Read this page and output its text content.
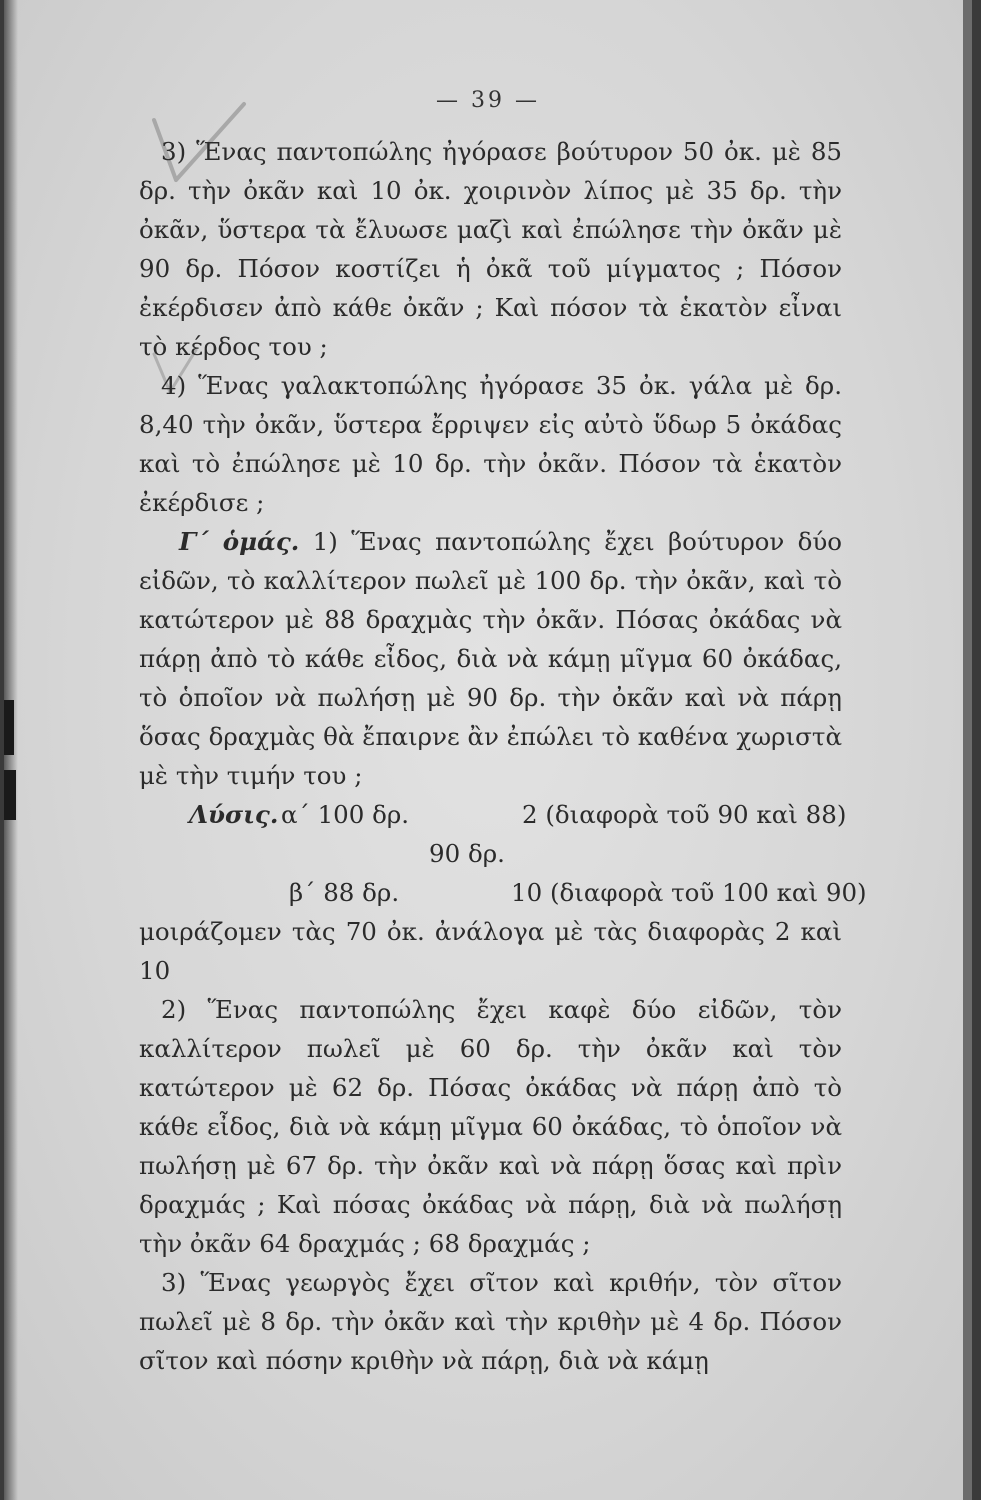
— 39 —

3) Ἕνας παντοπώλης ἠγόρασε βούτυρον 50 ὀκ. μὲ 85 δρ. τὴν ὀκᾶν καὶ 10 ὀκ. χοιρινὸν λίπος μὲ 35 δρ. τὴν ὀκᾶν, ὕστερα τὰ ἔλυωσε μαζὶ καὶ ἐπώλησε τὴν ὀκᾶν μὲ 90 δρ. Πόσον κοστίζει ἡ ὀκᾶ τοῦ μίγματος ; Πόσον ἐκέρδισεν ἀπὸ κάθε ὀκᾶν ; Καὶ πόσον τὰ ἑκατὸν εἶναι τὸ κέρδος του ;

4) Ἕνας γαλακτοπώλης ἠγόρασε 35 ὀκ. γάλα μὲ δρ. 8,40 τὴν ὀκᾶν, ὕστερα ἔρριψεν εἰς αὐτὸ ὕδωρ 5 ὀκάδας καὶ τὸ ἐπώλησε μὲ 10 δρ. τὴν ὀκᾶν. Πόσον τὰ ἑκατὸν ἐκέρδισε ;

Γ΄ ὁμάς. 1) Ἕνας παντοπώλης ἔχει βούτυρον δύο εἰδῶν, τὸ καλλίτερον πωλεῖ μὲ 100 δρ. τὴν ὀκᾶν, καὶ τὸ κατώτερον μὲ 88 δραχμὰς τὴν ὀκᾶν. Πόσας ὀκάδας νὰ πάρῃ ἀπὸ τὸ κάθε εἶδος, διὰ νὰ κάμῃ μῖγμα 60 ὀκάδας, τὸ ὁποῖον νὰ πωλήσῃ μὲ 90 δρ. τὴν ὀκᾶν καὶ νὰ πάρῃ ὅσας δραχμὰς θὰ ἔπαιρνε ἂν ἐπώλει τὸ καθένα χωριστὰ μὲ τὴν τιμήν του ;

Λύσις. α΄ 100 δρ.	2 (διαφορὰ τοῦ 90 καὶ 88)
90 δρ.
β΄ 88 δρ.	10 (διαφορὰ τοῦ 100 καὶ 90)

μοιράζομεν τὰς 70 ὀκ. ἀνάλογα μὲ τὰς διαφορὰς 2 καὶ 10

2) Ἕνας παντοπώλης ἔχει καφὲ δύο εἰδῶν, τὸν καλλίτερον πωλεῖ μὲ 60 δρ. τὴν ὀκᾶν καὶ τὸν κατώτερον μὲ 62 δρ. Πόσας ὀκάδας νὰ πάρῃ ἀπὸ τὸ κάθε εἶδος, διὰ νὰ κάμῃ μῖγμα 60 ὀκάδας, τὸ ὁποῖον νὰ πωλήσῃ μὲ 67 δρ. τὴν ὀκᾶν καὶ νὰ πάρῃ ὅσας καὶ πρὶν δραχμάς ; Καὶ πόσας ὀκάδας νὰ πάρῃ, διὰ νὰ πωλήσῃ τὴν ὀκᾶν 64 δραχμάς ; 68 δραχμάς ;

3) Ἕνας γεωργὸς ἔχει σῖτον καὶ κριθήν, τὸν σῖτον πωλεῖ μὲ 8 δρ. τὴν ὀκᾶν καὶ τὴν κριθὴν μὲ 4 δρ. Πόσον σῖτον καὶ πόσην κριθὴν νὰ πάρῃ, διὰ νὰ κάμῃ
